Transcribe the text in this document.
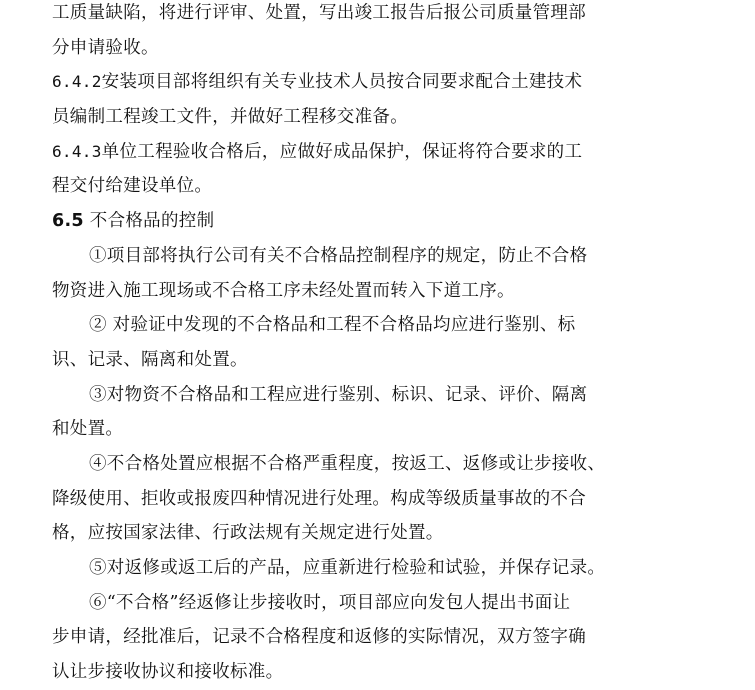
工质量缺陷，将进行评审、处置，写出竣工报告后报公司质量管理部
分申请验收。
6.4.2安装项目部将组织有关专业技术人员按合同要求配合土建技术
员编制工程竣工文件，并做好工程移交准备。
6.4.3单位工程验收合格后，应做好成品保护，保证将符合要求的工
程交付给建设单位。
6.5 不合格品的控制
①项目部将执行公司有关不合格品控制程序的规定，防止不合格
物资进入施工现场或不合格工序未经处置而转入下道工序。
② 对验证中发现的不合格品和工程不合格品均应进行鉴别、标
识、记录、隔离和处置。
③对物资不合格品和工程应进行鉴别、标识、记录、评价、隔离
和处置。
④不合格处置应根据不合格严重程度，按返工、返修或让步接收、
降级使用、拒收或报废四种情况进行处理。构成等级质量事故的不合
格，应按国家法律、行政法规有关规定进行处置。
⑤对返修或返工后的产品，应重新进行检验和试验，并保存记录。
⑥“不合格”经返修让步接收时，项目部应向发包人提出书面让
步申请，经批准后，记录不合格程度和返修的实际情况，双方签字确
认让步接收协议和接收标准。
